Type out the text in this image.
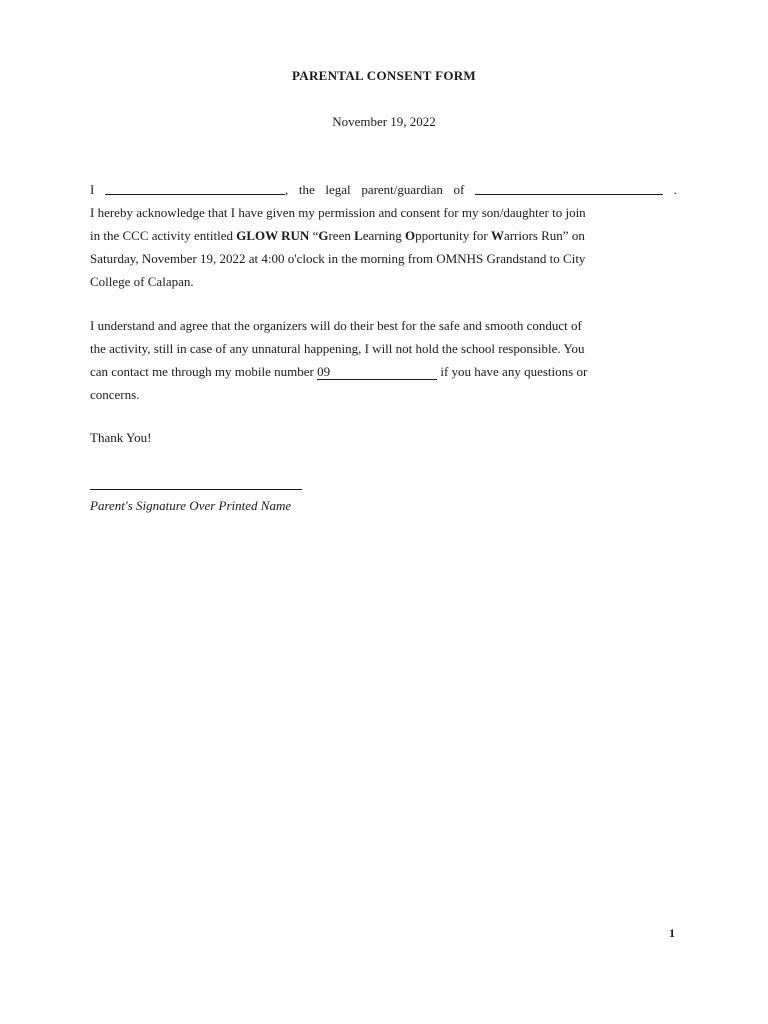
PARENTAL CONSENT FORM
November 19, 2022
I	, the legal parent/guardian of	.
I hereby acknowledge that I have given my permission and consent for my son/daughter to join
in the CCC activity entitled GLOW RUN “Green Learning Opportunity for Warriors Run” on
Saturday, November 19, 2022 at 4:00 o'clock in the morning from OMNHS Grandstand to City
College of Calapan.
I understand and agree that the organizers will do their best for the safe and smooth conduct of
the activity, still in case of any unnatural happening, I will not hold the school responsible. You
can contact me through my mobile number 09	if you have any questions or
concerns.
Thank You!
Parent's Signature Over Printed Name
1
